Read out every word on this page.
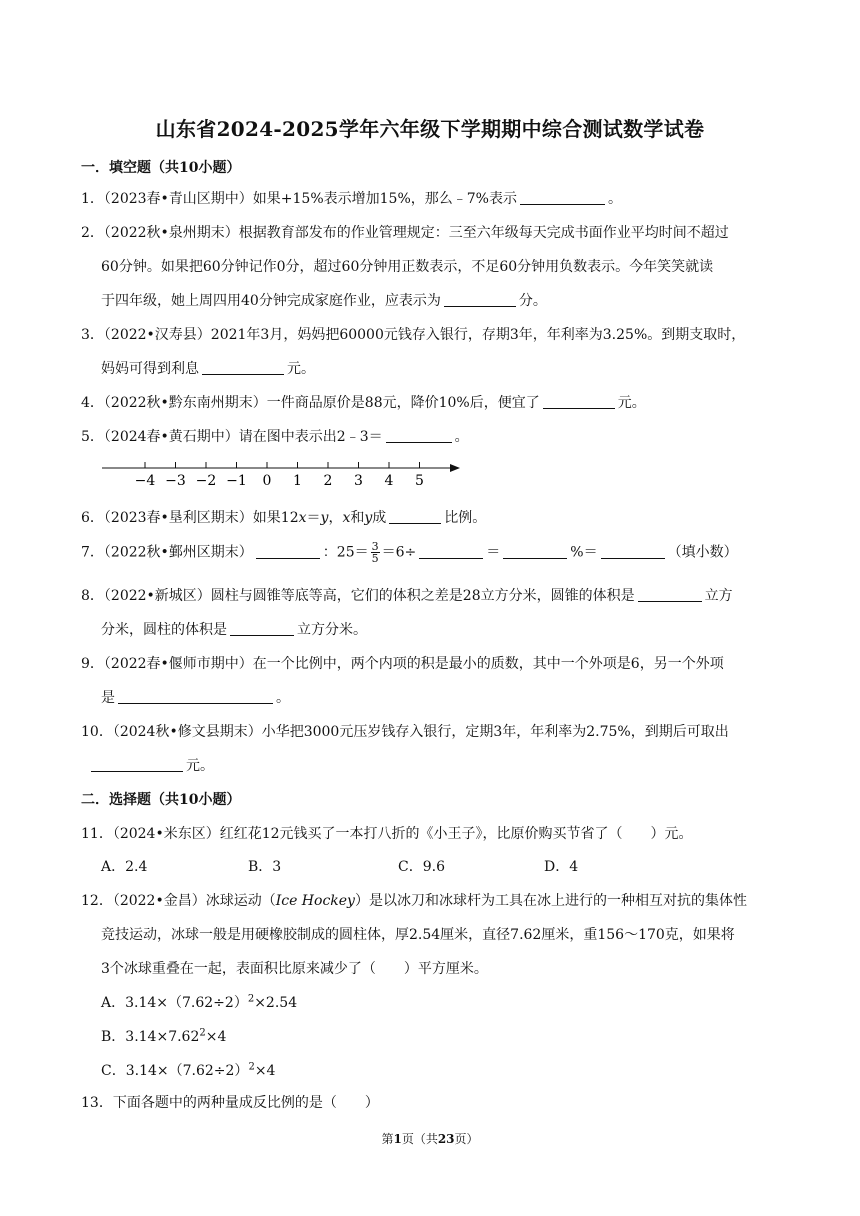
山东省2024-2025学年六年级下学期期中综合测试数学试卷
一．填空题（共10小题）
1．（2023春•青山区期中）如果+15%表示增加15%，那么﹣7%表示	。
2．（2022秋•泉州期末）根据教育部发布的作业管理规定：三至六年级每天完成书面作业平均时间不超过
60分钟。如果把60分钟记作0分，超过60分钟用正数表示，不足60分钟用负数表示。今年笑笑就读
于四年级，她上周四用40分钟完成家庭作业，应表示为	分。
3．（2022•汉寿县）2021年3月，妈妈把60000元钱存入银行，存期3年，年利率为3.25%。到期支取时，
妈妈可得到利息	元。
4．（2022秋•黔东南州期末）一件商品原价是88元，降价10%后，便宜了	元。
5．（2024春•黄石期中）请在图中表示出2﹣3＝	。
−4 −3 −2 −1 0 1 2 3 4 5
6．（2023春•垦利区期末）如果12x＝y，x和y成	比例。
7．（2022秋•鄞州区期末）	：$25= \frac{3}{5} =6\div$	＝	%＝	（填小数）
8．（2022•新城区）圆柱与圆锥等底等高，它们的体积之差是28立方分米，圆锥的体积是	立方
分米，圆柱的体积是	立方分米。
9．（2022春•偃师市期中）在一个比例中，两个内项的积是最小的质数，其中一个外项是6，另一个外项
是	。
10．（2024秋•修文县期末）小华把3000元压岁钱存入银行，定期3年，年利率为2.75%，到期后可取出
元。
二．选择题（共10小题）
11．（2024•米东区）红红花12元钱买了一本打八折的《小王子》，比原价购买节省了（　　）元。
A．2.4	B．3	C．9.6	D．4
12．（2022•金昌）冰球运动（Ice Hockey）是以冰刀和冰球杆为工具在冰上进行的一种相互对抗的集体性
竞技运动，冰球一般是用硬橡胶制成的圆柱体，厚2.54厘米，直径7.62厘米，重156～170克，如果将
3个冰球重叠在一起，表面积比原来减少了（　　）平方厘米。
A．$3.14\times(7.62\div 2)^2\times 2.54$
B．$3.14\times 7.62^2\times 4$
C．$3.14\times(7.62\div 2)^2\times 4$
13．下面各题中的两种量成反比例的是（　　）
第1页（共23页）
